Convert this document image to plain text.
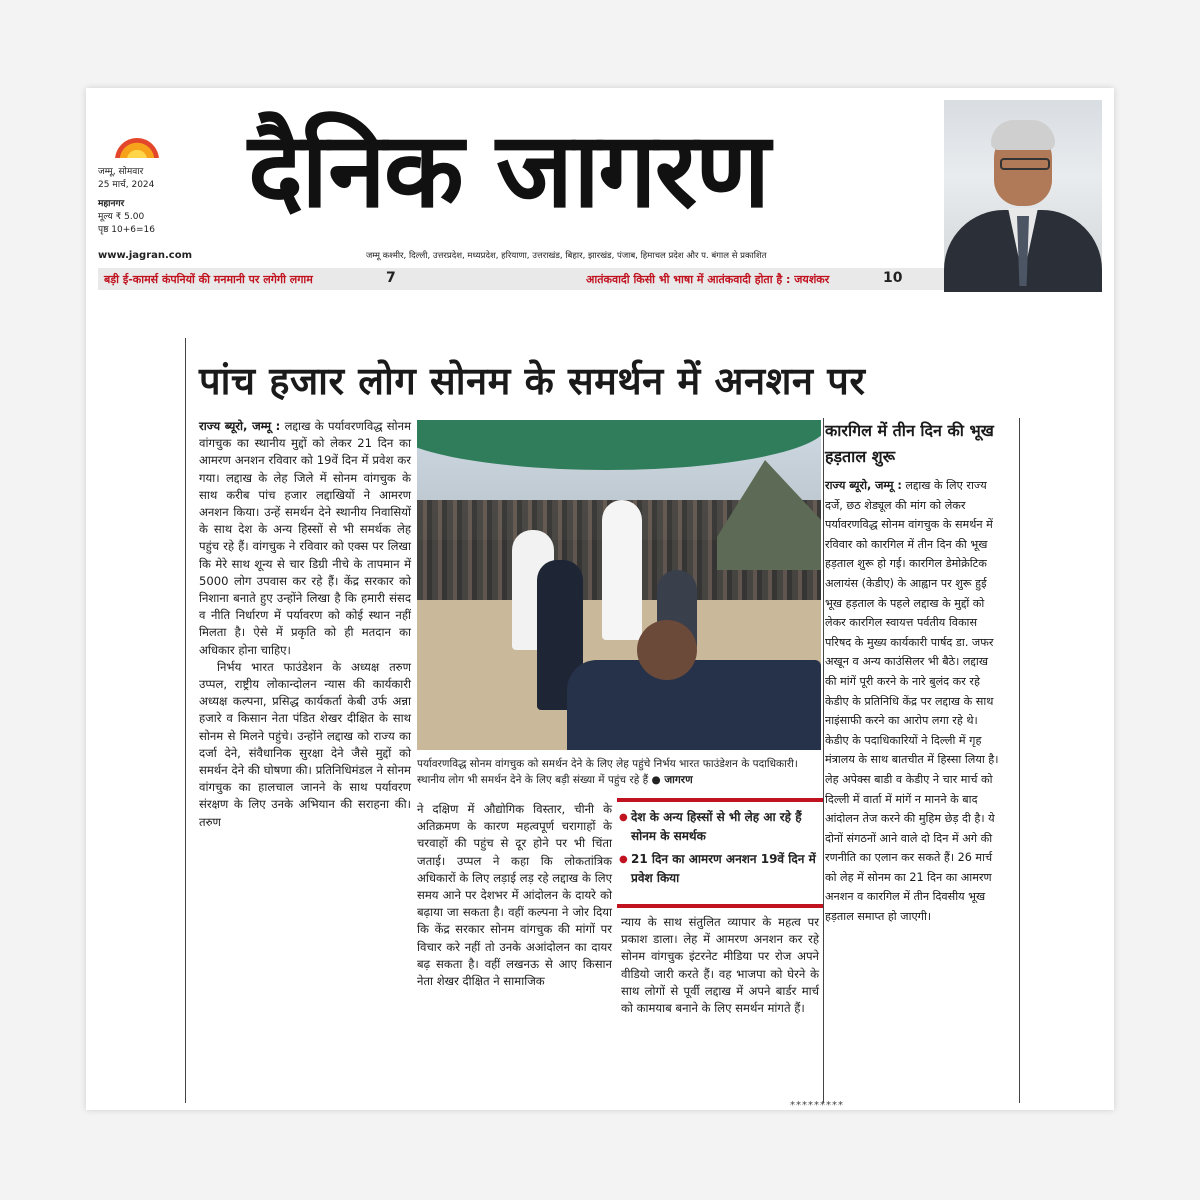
जम्मू, सोमवार
25 मार्च, 2024
महानगर
मूल्य ₹ 5.00
पृष्ठ 10+6=16 दैनिक जागरण
www.jagran.com	जम्मू कश्मीर, दिल्ली, उत्तरप्रदेश, मध्यप्रदेश, हरियाणा, उत्तराखंड, बिहार, झारखंड, पंजाब, हिमाचल प्रदेश और प. बंगाल से प्रकाशित
बड़ी ई-कामर्स कंपनियों की मनमानी पर लगेगी लगाम	7	आतंकवादी किसी भी भाषा में आतंकवादी होता है : जयशंकर	10
पांच हजार लोग सोनम के समर्थन में अनशन पर
राज्य ब्यूरो, जम्मू : लद्दाख के पर्यावरणविद्ध सोनम वांगचुक का स्थानीय मुद्दों को लेकर 21 दिन का आमरण अनशन रविवार को 19वें दिन में प्रवेश कर गया। लद्दाख के लेह जिले में सोनम वांगचुक के साथ करीब पांच हजार लद्दाखियों ने आमरण अनशन किया। उन्हें समर्थन देने स्थानीय निवासियों के साथ देश के अन्य हिस्सों से भी समर्थक लेह पहुंच रहे हैं। वांगचुक ने रविवार को एक्स पर लिखा कि मेरे साथ शून्य से चार डिग्री नीचे के तापमान में 5000 लोग उपवास कर रहे हैं। केंद्र सरकार को निशाना बनाते हुए उन्होंने लिखा है कि हमारी संसद व नीति निर्धारण में पर्यावरण को कोई स्थान नहीं मिलता है। ऐसे में प्रकृति को ही मतदान का अधिकार होना चाहिए।
निर्भय भारत फाउंडेशन के अध्यक्ष तरुण उप्पल, राष्ट्रीय लोकान्दोलन न्यास की कार्यकारी अध्यक्ष कल्पना, प्रसिद्ध कार्यकर्ता केबी उर्फ अन्ना हजारे व किसान नेता पंडित शेखर दीक्षित के साथ सोनम से मिलने पहुंचे। उन्होंने लद्दाख को राज्य का दर्जा देने, संवैधानिक सुरक्षा देने जैसे मुद्दों को समर्थन देने की घोषणा की। प्रतिनिधिमंडल ने सोनम वांगचुक का हालचाल जानने के साथ पर्यावरण संरक्षण के लिए उनके अभियान की सराहना की। तरुण
पर्यावरणविद्ध सोनम वांगचुक को समर्थन देने के लिए लेह पहुंचे निर्भय भारत फाउंडेशन के पदाधिकारी। स्थानीय लोग भी समर्थन देने के लिए बड़ी संख्या में पहुंच रहे हैं ● जागरण
ने दक्षिण में औद्योगिक विस्तार, चीनी के अतिक्रमण के कारण महत्वपूर्ण चरागाहों के चरवाहों की पहुंच से दूर होने पर भी चिंता जताई। उप्पल ने कहा कि लोकतांत्रिक अधिकारों के लिए लड़ाई लड़ रहे लद्दाख के लिए समय आने पर देशभर में आंदोलन के दायरे को बढ़ाया जा सकता है। वहीं कल्पना ने जोर दिया कि केंद्र सरकार सोनम वांगचुक की मांगों पर विचार करे नहीं तो उनके अआंदोलन का दायर बढ़ सकता है। वहीं लखनऊ से आए किसान नेता शेखर दीक्षित ने सामाजिक
● देश के अन्य हिस्सों से भी लेह आ रहे हैं सोनम के समर्थक
● 21 दिन का आमरण अनशन 19वें दिन में प्रवेश किया
न्याय के साथ संतुलित व्यापार के महत्व पर प्रकाश डाला। लेह में आमरण अनशन कर रहे सोनम वांगचुक इंटरनेट मीडिया पर रोज अपने वीडियो जारी करते हैं। वह भाजपा को घेरने के साथ लोगों से पूर्वी लद्दाख में अपने बार्डर मार्च को कामयाब बनाने के लिए समर्थन मांगते हैं।
कारगिल में तीन दिन की भूख हड़ताल शुरू
राज्य ब्यूरो, जम्मू : लद्दाख के लिए राज्य दर्जे, छठ शेड्यूल की मांग को लेकर पर्यावरणविद्ध सोनम वांगचुक के समर्थन में रविवार को कारगिल में तीन दिन की भूख हड़ताल शुरू हो गई। कारगिल डेमोक्रेटिक अलायंस (केडीए) के आह्वान पर शुरू हुई भूख हड़ताल के पहले लद्दाख के मुद्दों को लेकर कारगिल स्वायत्त पर्वतीय विकास परिषद के मुख्य कार्यकारी पार्षद डा. जफर अखून व अन्य काउंसिलर भी बैठे। लद्दाख की मांगें पूरी करने के नारे बुलंद कर रहे केडीए के प्रतिनिधि केंद्र पर लद्दाख के साथ नाइंसाफी करने का आरोप लगा रहे थे। केडीए के पदाधिकारियों ने दिल्ली में गृह मंत्रालय के साथ बातचीत में हिस्सा लिया है। लेह अपेक्स बाडी व केडीए ने चार मार्च को दिल्ली में वार्ता में मांगें न मानने के बाद आंदोलन तेज करने की मुहिम छेड़ दी है। ये दोनों संगठनों आने वाले दो दिन में अगे की रणनीति का एलान कर सकते हैं। 26 मार्च को लेह में सोनम का 21 दिन का आमरण अनशन व कारगिल में तीन दिवसीय भूख हड़ताल समाप्त हो जाएगी।
*********
